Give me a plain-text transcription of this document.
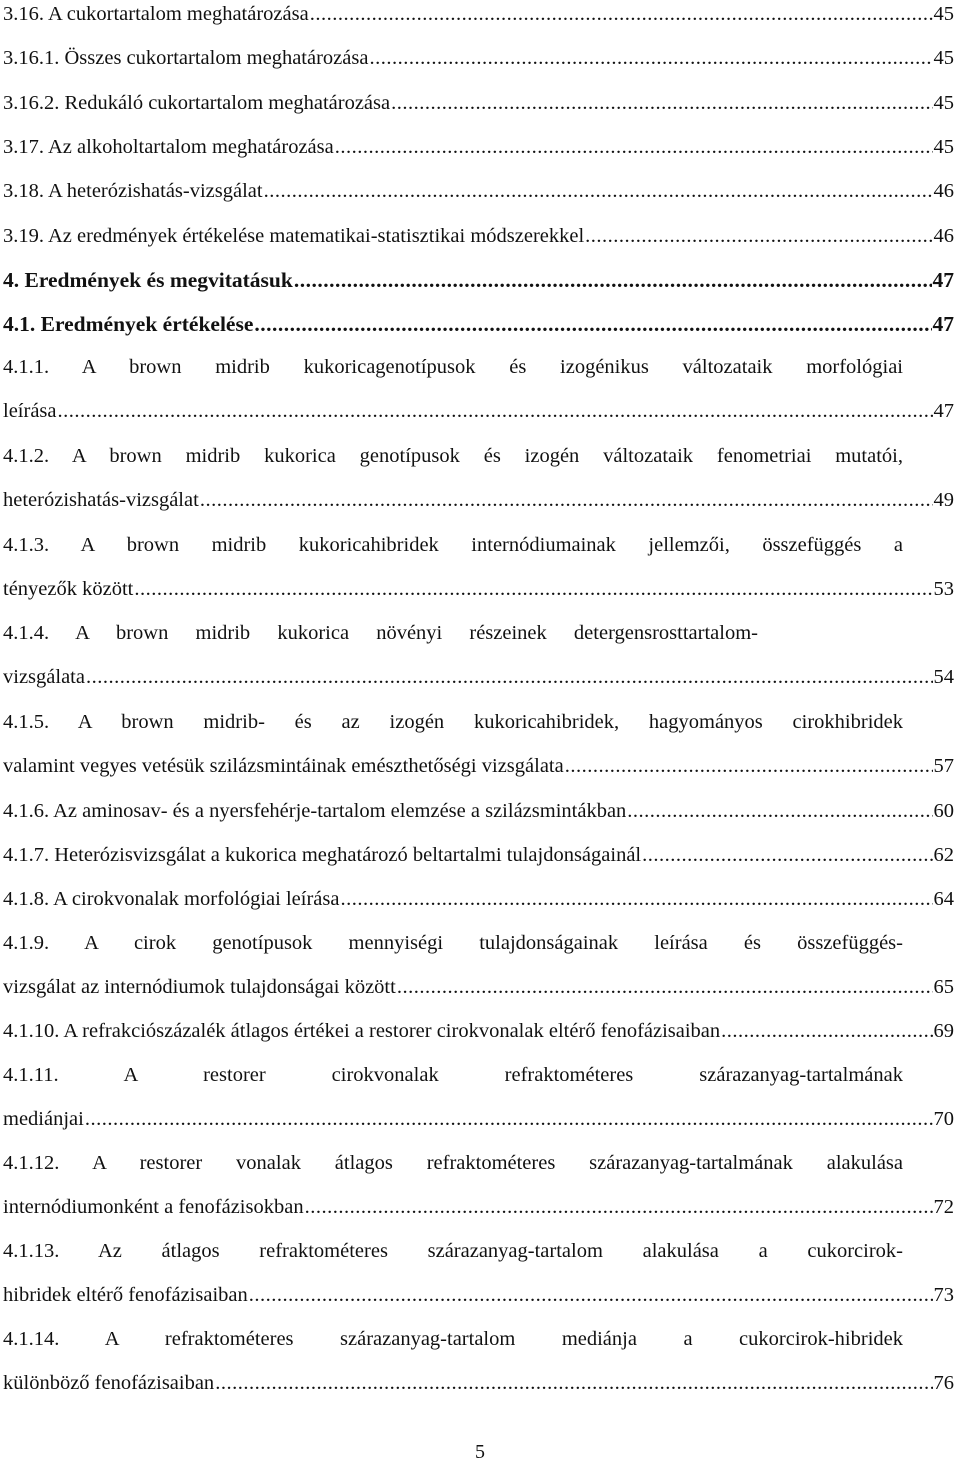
3.16. A cukortartalom meghatározása .....	45
3.16.1. Összes cukortartalom meghatározása .....	45
3.16.2. Redukáló cukortartalom meghatározása .....	45
3.17. Az alkoholtartalom meghatározása .....	45
3.18. A heterózishatás-vizsgálat .....	46
3.19. Az eredmények értékelése matematikai-statisztikai módszerekkel .....	46
4. Eredmények és megvitatásuk .....	47
4.1. Eredmények értékelése .....	47
4.1.1. A brown midrib kukoricagenotípusok és izogénikus változataik morfológiai
leírása .....	47
4.1.2. A brown midrib kukorica genotípusok és izogén változataik fenometriai mutatói,
heterózishatás-vizsgálat .....	49
4.1.3. A brown midrib kukoricahibridek internódiumainak jellemzői, összefüggés a
tényezők között .....	53
4.1.4. A brown midrib kukorica növényi részeinek detergensrosttartalom-
vizsgálata .....	54
4.1.5. A brown midrib- és az izogén kukoricahibridek, hagyományos cirokhibridek
valamint vegyes vetésük szilázsmintáinak emészthetőségi vizsgálata .....	57
4.1.6. Az aminosav- és a nyersfehérje-tartalom elemzése a szilázsmintákban .....	60
4.1.7. Heterózisvizsgálat a kukorica meghatározó beltartalmi tulajdonságainál .....	62
4.1.8. A cirokvonalak morfológiai leírása .....	64
4.1.9. A cirok genotípusok mennyiségi tulajdonságainak leírása és összefüggés-
vizsgálat az internódiumok tulajdonságai között .....	65
4.1.10. A refrakciószázalék átlagos értékei a restorer cirokvonalak eltérő fenofázisaiban .....	69
4.1.11. A restorer cirokvonalak refraktométeres szárazanyag-tartalmának
mediánjai .....	70
4.1.12. A restorer vonalak átlagos refraktométeres szárazanyag-tartalmának alakulása
internódiumonként a fenofázisokban .....	72
4.1.13. Az átlagos refraktométeres szárazanyag-tartalom alakulása a cukorcirok-
hibridek eltérő fenofázisaiban .....	73
4.1.14. A refraktométeres szárazanyag-tartalom mediánja a cukorcirok-hibridek
különböző fenofázisaiban .....	76
5
